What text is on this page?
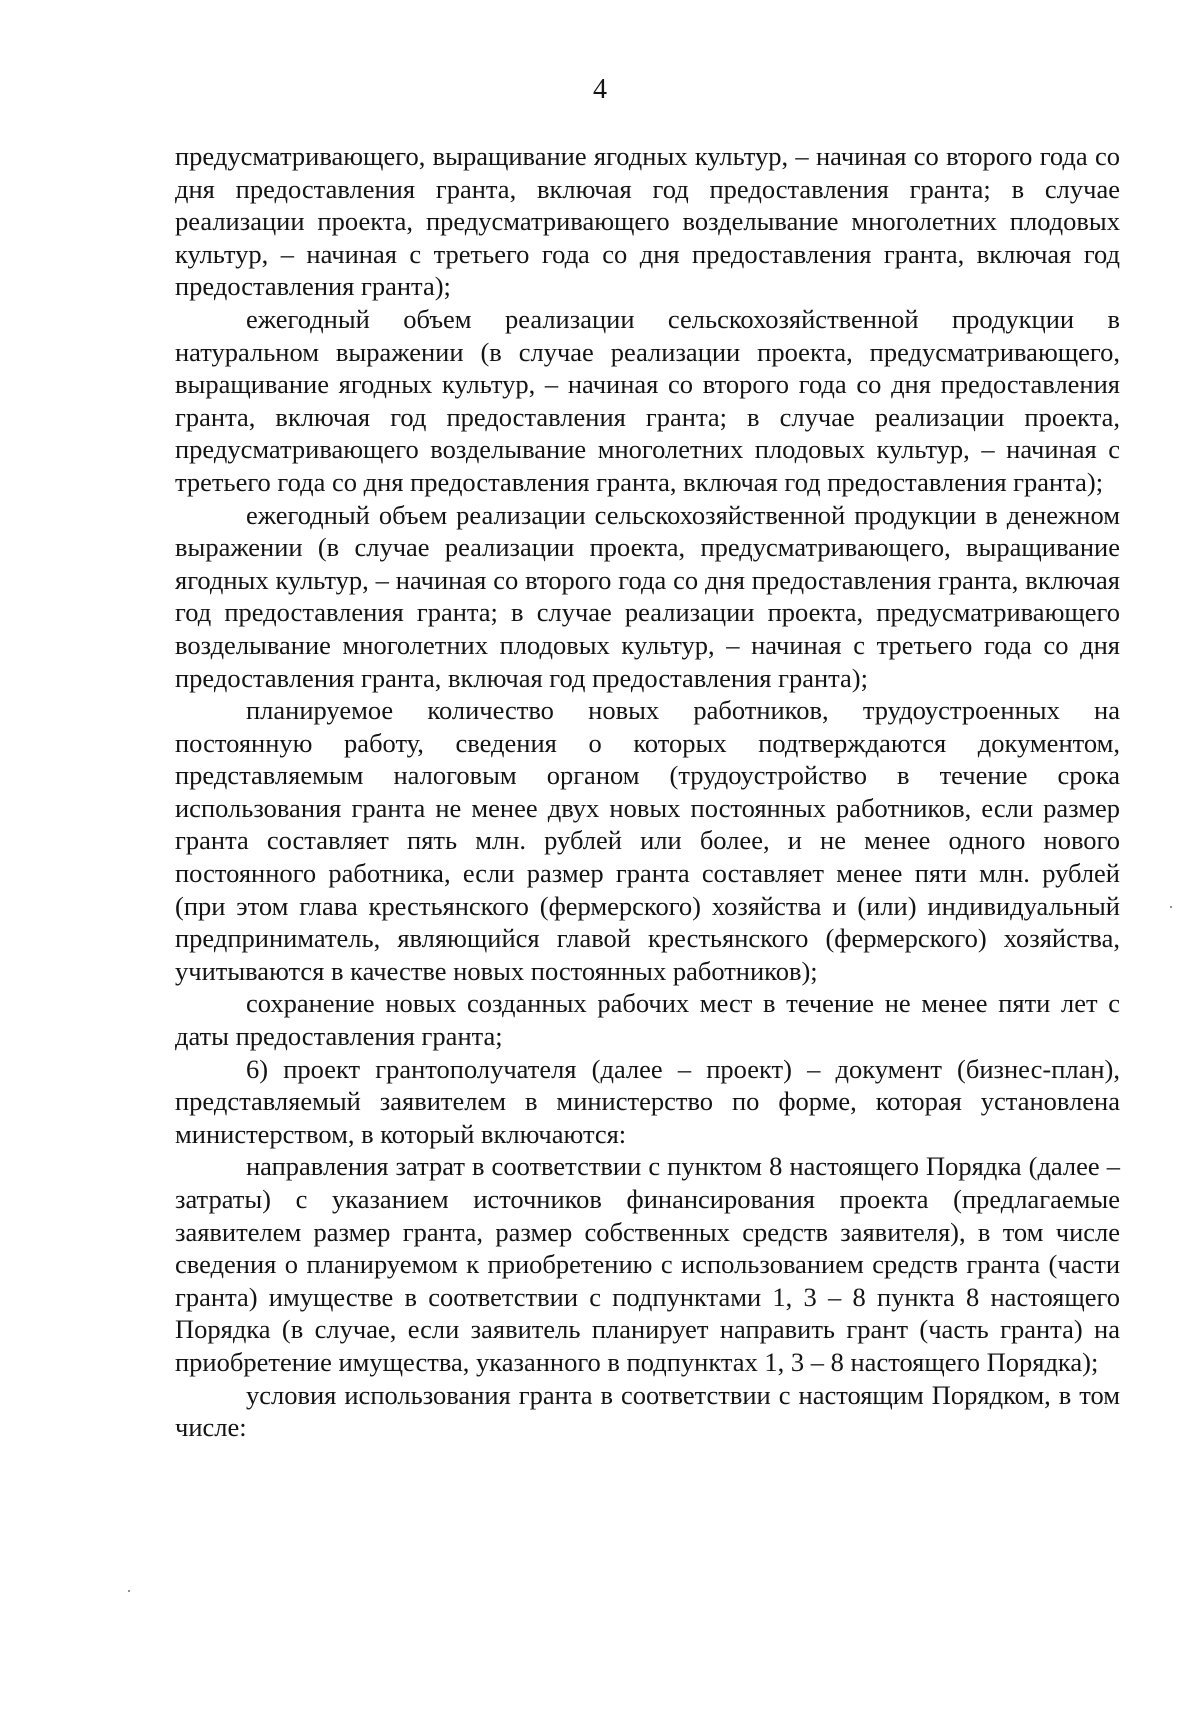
4

предусматривающего, выращивание ягодных культур, – начиная со второго года со дня предоставления гранта, включая год предоставления гранта; в случае реализации проекта, предусматривающего возделывание многолетних плодовых культур, – начиная с третьего года со дня предоставления гранта, включая год предоставления гранта);

ежегодный объем реализации сельскохозяйственной продукции в натуральном выражении (в случае реализации проекта, предусматривающего, выращивание ягодных культур, – начиная со второго года со дня предоставления гранта, включая год предоставления гранта; в случае реализации проекта, предусматривающего возделывание многолетних плодовых культур, – начиная с третьего года со дня предоставления гранта, включая год предоставления гранта);

ежегодный объем реализации сельскохозяйственной продукции в денежном выражении (в случае реализации проекта, предусматривающего, выращивание ягодных культур, – начиная со второго года со дня предоставления гранта, включая год предоставления гранта; в случае реализации проекта, предусматривающего возделывание многолетних плодовых культур, – начиная с третьего года со дня предоставления гранта, включая год предоставления гранта);

планируемое количество новых работников, трудоустроенных на постоянную работу, сведения о которых подтверждаются документом, представляемым налоговым органом (трудоустройство в течение срока использования гранта не менее двух новых постоянных работников, если размер гранта составляет пять млн. рублей или более, и не менее одного нового постоянного работника, если размер гранта составляет менее пяти млн. рублей (при этом глава крестьянского (фермерского) хозяйства и (или) индивидуальный предприниматель, являющийся главой крестьянского (фермерского) хозяйства, учитываются в качестве новых постоянных работников);

сохранение новых созданных рабочих мест в течение не менее пяти лет с даты предоставления гранта;

6) проект грантополучателя (далее – проект) – документ (бизнес-план), представляемый заявителем в министерство по форме, которая установлена министерством, в который включаются:

направления затрат в соответствии с пунктом 8 настоящего Порядка (далее – затраты) с указанием источников финансирования проекта (предлагаемые заявителем размер гранта, размер собственных средств заявителя), в том числе сведения о планируемом к приобретению с использованием средств гранта (части гранта) имуществе в соответствии с подпунктами 1, 3 – 8 пункта 8 настоящего Порядка (в случае, если заявитель планирует направить грант (часть гранта) на приобретение имущества, указанного в подпунктах 1, 3 – 8 настоящего Порядка);

условия использования гранта в соответствии с настоящим Порядком, в том числе:
